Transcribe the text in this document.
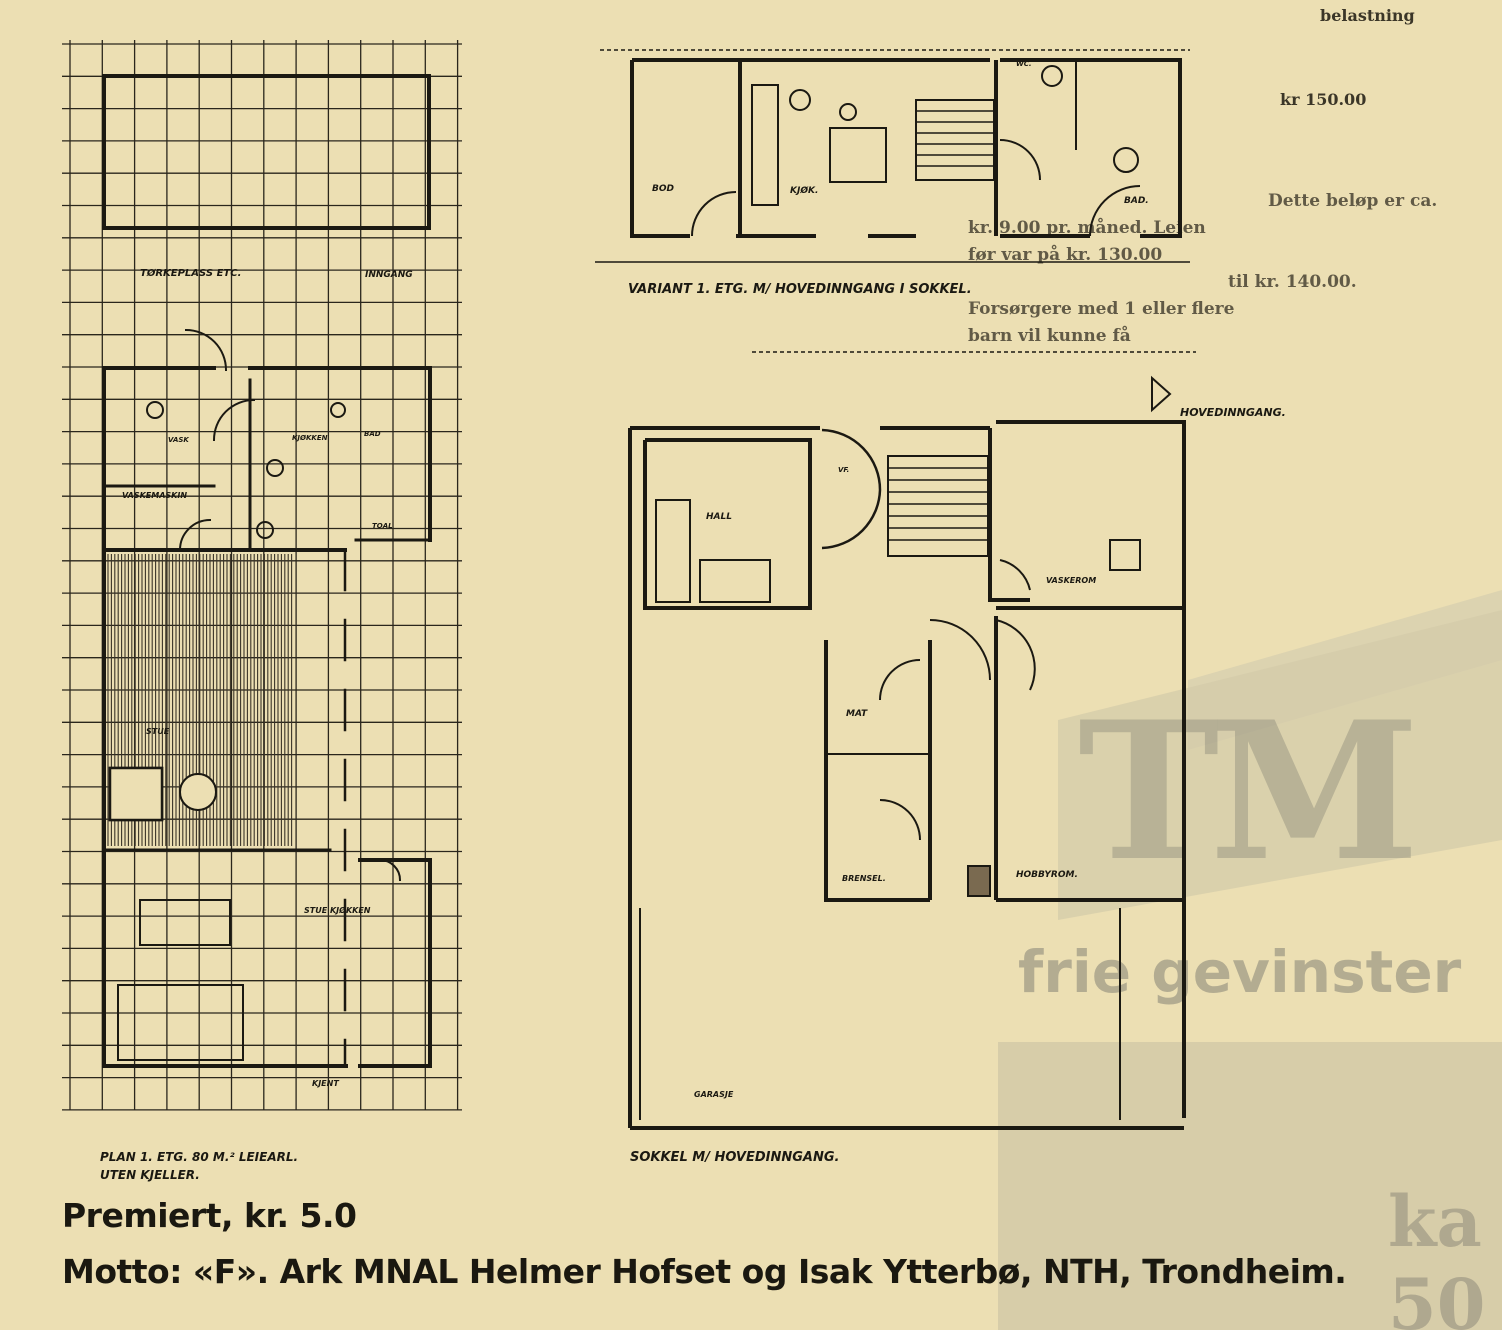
belastning
kr 150.00
Dette beløp er ca.
kr. 9.00 pr. måned. Leien
før var på kr. 130.00
til kr. 140.00.
Forsørgere med 1 eller flere
barn vil kunne få
TM
frie gevinster
ka 50
TØRKEPLASS ETC.	INNGANG
VASK	KJØKKEN	BAD
VASKEMASKIN
TOAL
STUE
STUE KJØKKEN
KJENT
PLAN 1. ETG. 80 M.² LEIEARL.
UTEN KJELLER.
BOD	KJØK.
BAD.
WC.
VARIANT 1. ETG. M/ HOVEDINNGANG I SOKKEL.
HALL
VF.
VASKEROM
MAT
BRENSEL.	HOBBYROM.
GARASJE
HOVEDINNGANG.
SOKKEL M/ HOVEDINNGANG.
Premiert, kr. 5.0
Motto: «F». Ark MNAL Helmer Hofset og Isak Ytterbø, NTH, Trondheim.
